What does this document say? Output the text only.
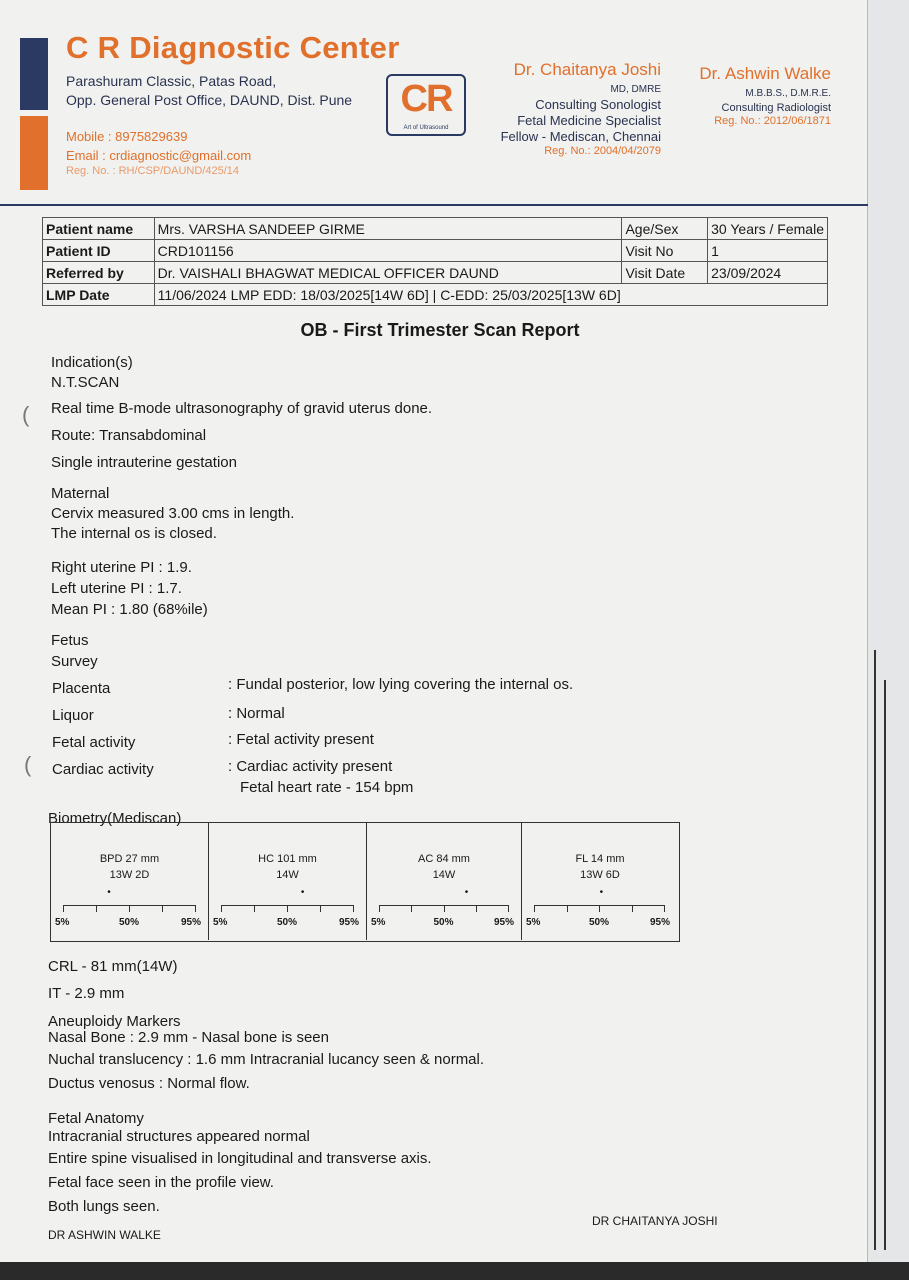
C R Diagnostic Center
Parashuram Classic, Patas Road,
Opp. General Post Office, DAUND, Dist. Pune
Mobile : 8975829639
Email : crdiagnostic@gmail.com
Reg. No. : RH/CSP/DAUND/425/14
CR
Art of Ultrasound
Dr. Chaitanya Joshi
MD, DMRE
Consulting Sonologist
Fetal Medicine Specialist
Fellow - Mediscan, Chennai
Reg. No.: 2004/04/2079
Dr. Ashwin Walke
M.B.B.S., D.M.R.E.
Consulting Radiologist
Reg. No.: 2012/06/1871
Patient name	Mrs. VARSHA SANDEEP GIRME	Age/Sex	30 Years / Female
Patient ID	CRD101156	Visit No	1
Referred by	Dr. VAISHALI BHAGWAT MEDICAL OFFICER DAUND	Visit Date	23/09/2024
LMP Date	11/06/2024 LMP EDD: 18/03/2025[14W 6D] | C-EDD: 25/03/2025[13W 6D]		
OB - First Trimester Scan Report
Indication(s)
N.T.SCAN
Real time B-mode ultrasonography of gravid uterus done.
Route: Transabdominal
Single intrauterine gestation
Maternal
Cervix measured 3.00 cms in length.
The internal os is closed.
Right uterine PI : 1.9.
Left uterine PI : 1.7.
Mean PI : 1.80 (68%ile)
Fetus
Survey
Placenta	: Fundal posterior, low lying covering the internal os.
Liquor	: Normal
Fetal activity	: Fetal activity present
Cardiac activity	: Cardiac activity present
Fetal heart rate - 154 bpm
Biometry(Mediscan)
BPD 27 mm
13W 2D
•
5%	50%	95%
HC 101 mm
14W
•
5%	50%	95%
AC 84 mm
14W
•
5%	50%	95%
FL 14 mm
13W 6D
•
5%	50%	95%
CRL - 81 mm(14W)
IT - 2.9 mm
Aneuploidy Markers
Nasal Bone : 2.9 mm - Nasal bone is seen
Nuchal translucency : 1.6 mm Intracranial lucancy seen & normal.
Ductus venosus : Normal flow.
Fetal Anatomy
Intracranial structures appeared normal
Entire spine visualised in longitudinal and transverse axis.
Fetal face seen in the profile view.
Both lungs seen.
DR ASHWIN WALKE
DR CHAITANYA JOSHI
(
(
